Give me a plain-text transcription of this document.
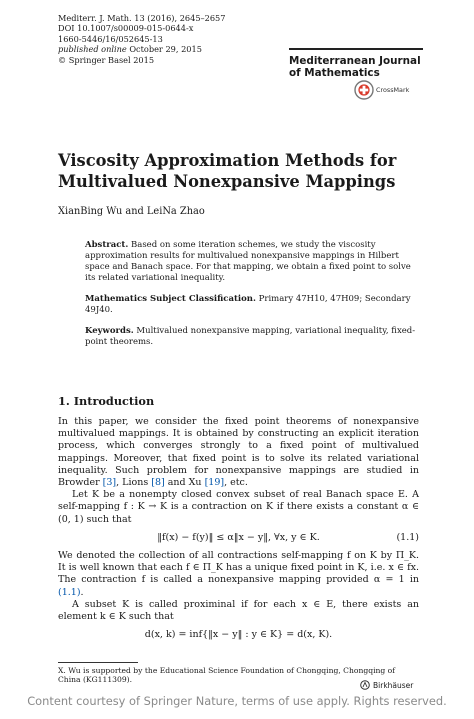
Mediterr. J. Math. 13 (2016), 2645–2657
DOI 10.1007/s00009-015-0644-x
1660-5446/16/052645-13
published online October 29, 2015
© Springer Basel 2015	Mediterranean Journal
of Mathematics
CrossMark
Viscosity Approximation Methods for
Multivalued Nonexpansive Mappings
XianBing Wu and LeiNa Zhao

Abstract. Based on some iteration schemes, we study the viscosity approximation results for multivalued nonexpansive mappings in Hilbert space and Banach space. For that mapping, we obtain a fixed point to solve its related variational inequality.

Mathematics Subject Classification. Primary 47H10, 47H09; Secondary 49J40.

Keywords. Multivalued nonexpansive mapping, variational inequality, fixed-point theorems.

1. Introduction

In this paper, we consider the fixed point theorems of nonexpansive multivalued mappings. It is obtained by constructing an explicit iteration process, which converges strongly to a fixed point of multivalued mappings. Moreover, that fixed point is to solve its related variational inequality. Such problem for nonexpansive mappings are studied in Browder [3], Lions [8] and Xu [19], etc.

Let K be a nonempty closed convex subset of real Banach space E. A self-mapping f : K → K is a contraction on K if there exists a constant α ∈ (0, 1) such that

‖f(x) − f(y)‖ ≤ α‖x − y‖, ∀x, y ∈ K.	(1.1)

We denoted the collection of all contractions self-mapping f on K by Π_K. It is well known that each f ∈ Π_K has a unique fixed point in K, i.e. x ∈ fx. The contraction f is called a nonexpansive mapping provided α = 1 in (1.1).

A subset K is called proximinal if for each x ∈ E, there exists an element k ∈ K such that

d(x, k) = inf{‖x − y‖ : y ∈ K} = d(x, K).
X. Wu is supported by the Educational Science Foundation of Chongqing, Chongqing of China (KG111309).
Birkhäuser
Content courtesy of Springer Nature, terms of use apply. Rights reserved.
